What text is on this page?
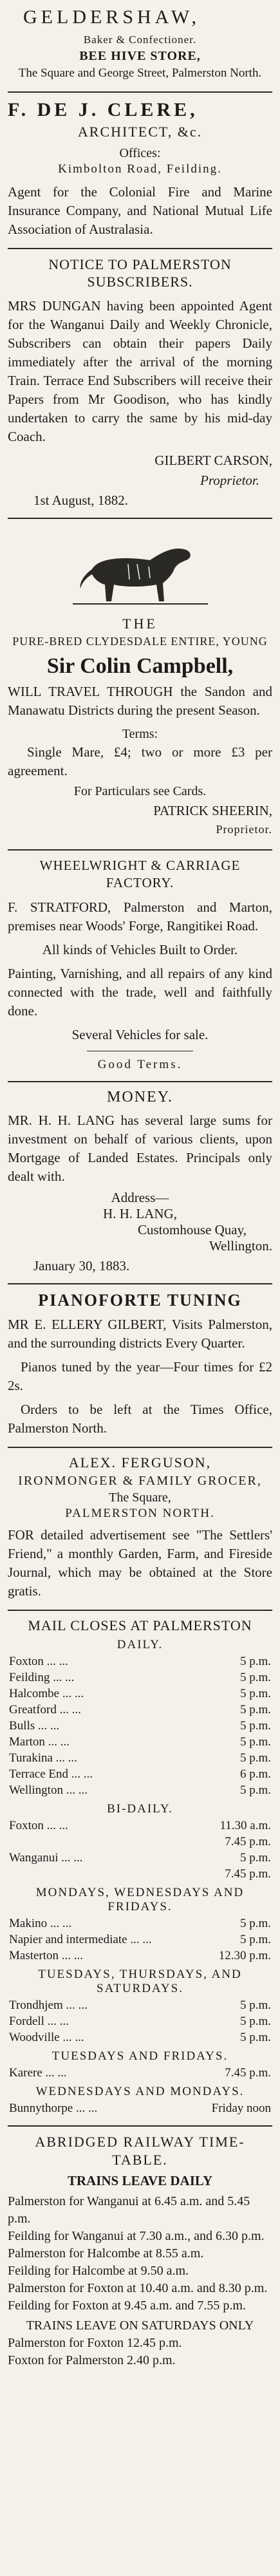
GELDERSHAW,
Baker & Confectioner.
BEE HIVE STORE,

The Square and George Street, Palmerston North.

F. DE J. CLERE,
ARCHITECT, &c.
Offices:
Kimbolton Road, Feilding.

Agent for the Colonial Fire and Marine Insurance Company, and National Mutual Life Association of Australasia.

NOTICE TO PALMERSTON SUBSCRIBERS.

MRS DUNGAN having been appointed Agent for the Wanganui Daily and Weekly Chronicle, Subscribers can obtain their papers Daily immediately after the arrival of the morning Train. Terrace End Subscribers will receive their Papers from Mr Goodison, who has kindly undertaken to carry the same by his mid-day Coach.

GILBERT CARSON,
Proprietor.
1st August, 1882.
THE
PURE-BRED CLYDESDALE ENTIRE, YOUNG
Sir Colin Campbell,

WILL TRAVEL THROUGH the Sandon and Manawatu Districts during the present Season.

Terms:

Single Mare, £4; two or more £3 per agreement.

For Particulars see Cards.
PATRICK SHEERIN,
Proprietor.
WHEELWRIGHT & CARRIAGE FACTORY.

F. STRATFORD, Palmerston and Marton, premises near Woods' Forge, Rangitikei Road.

All kinds of Vehicles Built to Order.

Painting, Varnishing, and all repairs of any kind connected with the trade, well and faithfully done.

Several Vehicles for sale.

Good Terms.
MONEY.

MR. H. H. LANG has several large sums for investment on behalf of various clients, upon Mortgage of Landed Estates. Principals only dealt with.

Address—
H. H. LANG,
Customhouse Quay,
Wellington.
January 30, 1883.
PIANOFORTE TUNING

MR E. ELLERY GILBERT, Visits Palmerston, and the surrounding districts Every Quarter.

Pianos tuned by the year—Four times for £2 2s.

Orders to be left at the Times Office, Palmerston North.

ALEX. FERGUSON,
IRONMONGER & FAMILY GROCER,
The Square,
PALMERSTON NORTH.

FOR detailed advertisement see "The Settlers' Friend," a monthly Garden, Farm, and Fireside Journal, which may be obtained at the Store gratis.

MAIL CLOSES AT PALMERSTON
DAILY.
Foxton ... ...	5 p.m.
Feilding ... ...	5 p.m.
Halcombe ... ...	5 p.m.
Greatford ... ...	5 p.m.
Bulls ... ...	5 p.m.
Marton ... ...	5 p.m.
Turakina ... ...	5 p.m.
Terrace End ... ...	6 p.m.
Wellington ... ...	5 p.m.
BI-DAILY.
Foxton ... ...	11.30 a.m.
	7.45 p.m.
Wanganui ... ...	5 p.m.
	7.45 p.m.
MONDAYS, WEDNESDAYS AND FRIDAYS.
Makino ... ...	5 p.m.
Napier and intermediate ... ...	5 p.m.
Masterton ... ...	12.30 p.m.
TUESDAYS, THURSDAYS, AND SATURDAYS.
Trondhjem ... ...	5 p.m.
Fordell ... ...	5 p.m.
Woodville ... ...	5 p.m.
TUESDAYS AND FRIDAYS.
Karere ... ...	7.45 p.m.
WEDNESDAYS AND MONDAYS.
Bunnythorpe ... ...	Friday noon
ABRIDGED RAILWAY TIME-TABLE.
TRAINS LEAVE DAILY

Palmerston for Wanganui at 6.45 a.m. and 5.45 p.m.

Feilding for Wanganui at 7.30 a.m., and 6.30 p.m.

Palmerston for Halcombe at 8.55 a.m.

Feilding for Halcombe at 9.50 a.m.

Palmerston for Foxton at 10.40 a.m. and 8.30 p.m.

Feilding for Foxton at 9.45 a.m. and 7.55 p.m.

TRAINS LEAVE ON SATURDAYS ONLY

Palmerston for Foxton 12.45 p.m.

Foxton for Palmerston 2.40 p.m.
